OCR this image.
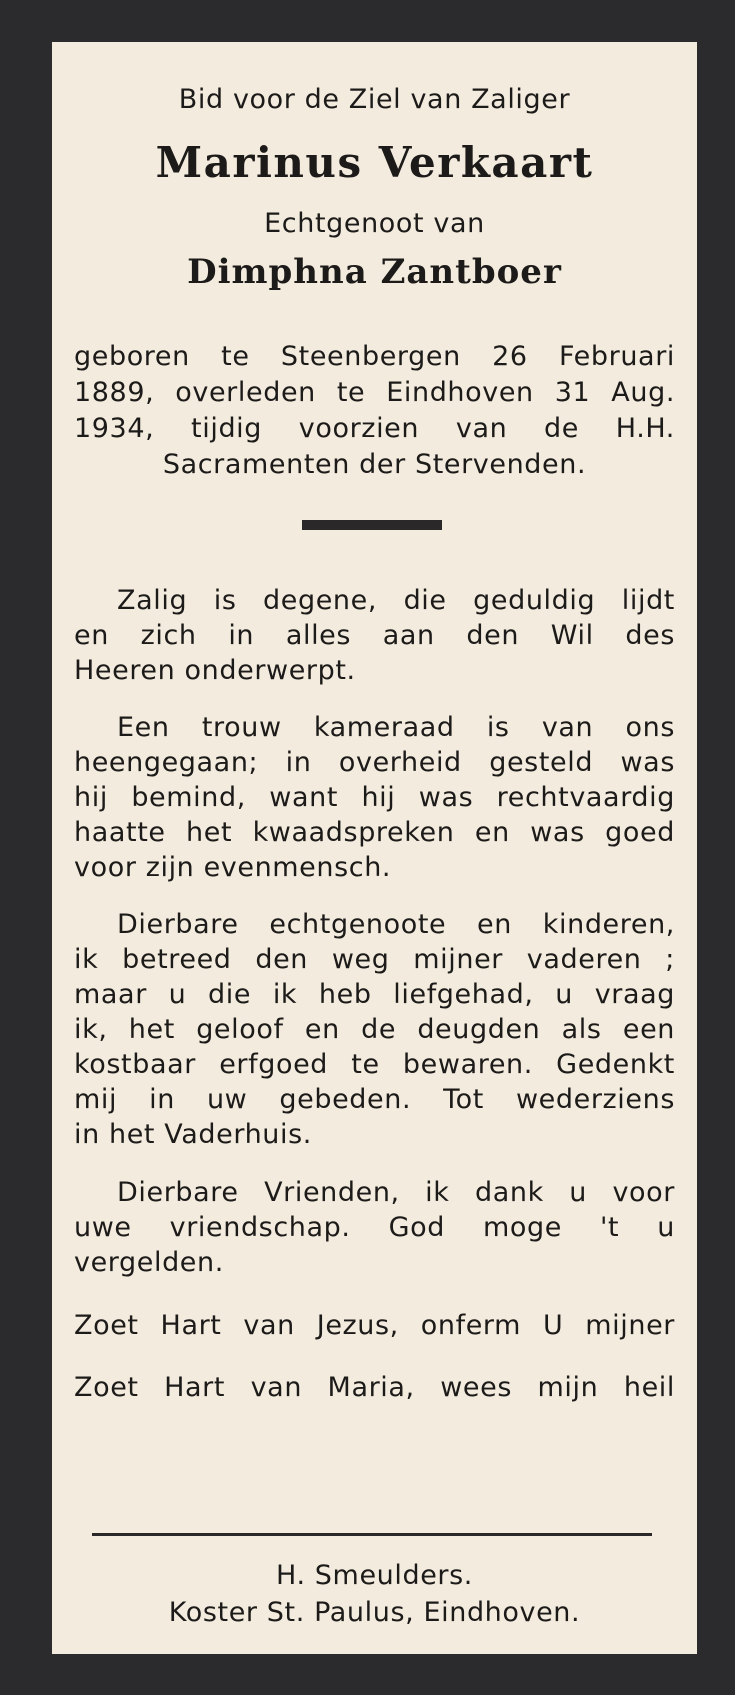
Bid voor de Ziel van Zaliger
Marinus Verkaart
Echtgenoot van
Dimphna Zantboer
geboren te Steenbergen 26 Februari
1889, overleden te Eindhoven 31 Aug.
1934, tijdig voorzien van de H.H.
Sacramenten der Stervenden.
Zalig is degene, die geduldig lijdt
en zich in alles aan den Wil des
Heeren onderwerpt.
Een trouw kameraad is van ons
heengegaan; in overheid gesteld was
hij bemind, want hij was rechtvaardig
haatte het kwaadspreken en was goed
voor zijn evenmensch.
Dierbare echtgenoote en kinderen,
ik betreed den weg mijner vaderen ;
maar u die ik heb liefgehad, u vraag
ik, het geloof en de deugden als een
kostbaar erfgoed te bewaren. Gedenkt
mij in uw gebeden. Tot wederziens
in het Vaderhuis.
Dierbare Vrienden, ik dank u voor
uwe vriendschap. God moge 't u
vergelden.
Zoet Hart van Jezus, onferm U mijner
Zoet Hart van Maria, wees mijn heil
H. Smeulders.
Koster St. Paulus, Eindhoven.
